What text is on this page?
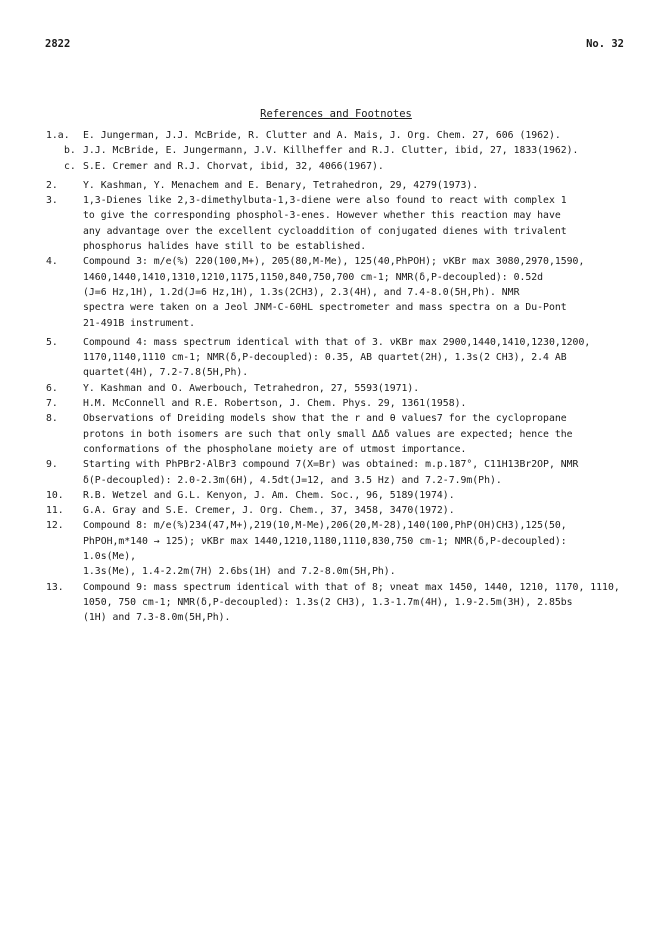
2822	No. 32
References and Footnotes
1.a.	E. Jungerman, J.J. McBride, R. Clutter and A. Mais, J. Org. Chem. 27, 606 (1962).
b. J.J. McBride, E. Jungermann, J.V. Killheffer and R.J. Clutter, ibid, 27, 1833(1962).
c. S.E. Cremer and R.J. Chorvat, ibid, 32, 4066(1967).
2.	Y. Kashman, Y. Menachem and E. Benary, Tetrahedron, 29, 4279(1973).
3.	1,3-Dienes like 2,3-dimethylbuta-1,3-diene were also found to react with complex 1
to give the corresponding phosphol-3-enes. However whether this reaction may have
any advantage over the excellent cycloaddition of conjugated dienes with trivalent
phosphorus halides have still to be established.
4.	Compound 3: m/e(%) 220(100,M+), 205(80,M-Me), 125(40,PhPOH); νKBr max 3080,2970,1590,
1460,1440,1410,1310,1210,1175,1150,840,750,700 cm-1; NMR(δ,P-decoupled): 0.52d
(J=6 Hz,1H), 1.2d(J=6 Hz,1H), 1.3s(2CH3), 2.3(4H), and 7.4-8.0(5H,Ph). NMR
spectra were taken on a Jeol JNM-C-60HL spectrometer and mass spectra on a Du-Pont
21-491B instrument.
5.	Compound 4: mass spectrum identical with that of 3. νKBr max 2900,1440,1410,1230,1200,
1170,1140,1110 cm-1; NMR(δ,P-decoupled): 0.35, AB quartet(2H), 1.3s(2 CH3), 2.4 AB
quartet(4H), 7.2-7.8(5H,Ph).
6.	Y. Kashman and O. Awerbouch, Tetrahedron, 27, 5593(1971).
7.	H.M. McConnell and R.E. Robertson, J. Chem. Phys. 29, 1361(1958).
8.	Observations of Dreiding models show that the r and θ values7 for the cyclopropane
protons in both isomers are such that only small ΔΔδ values are expected; hence the
conformations of the phospholane moiety are of utmost importance.
9.	Starting with PhPBr2·AlBr3 compound 7(X=Br) was obtained: m.p.187°, C11H13Br2OP, NMR
δ(P-decoupled): 2.0-2.3m(6H), 4.5dt(J=12, and 3.5 Hz) and 7.2-7.9m(Ph).
10.	R.B. Wetzel and G.L. Kenyon, J. Am. Chem. Soc., 96, 5189(1974).
11.	G.A. Gray and S.E. Cremer, J. Org. Chem., 37, 3458, 3470(1972).
12.	Compound 8: m/e(%)234(47,M+),219(10,M-Me),206(20,M-28),140(100,PhP(OH)CH3),125(50,
PhPOH,m*140 → 125); νKBr max 1440,1210,1180,1110,830,750 cm-1; NMR(δ,P-decoupled): 1.0s(Me),
1.3s(Me), 1.4-2.2m(7H) 2.6bs(1H) and 7.2-8.0m(5H,Ph).
13.	Compound 9: mass spectrum identical with that of 8; νneat max 1450, 1440, 1210, 1170, 1110,
1050, 750 cm-1; NMR(δ,P-decoupled): 1.3s(2 CH3), 1.3-1.7m(4H), 1.9-2.5m(3H), 2.85bs
(1H) and 7.3-8.0m(5H,Ph).
